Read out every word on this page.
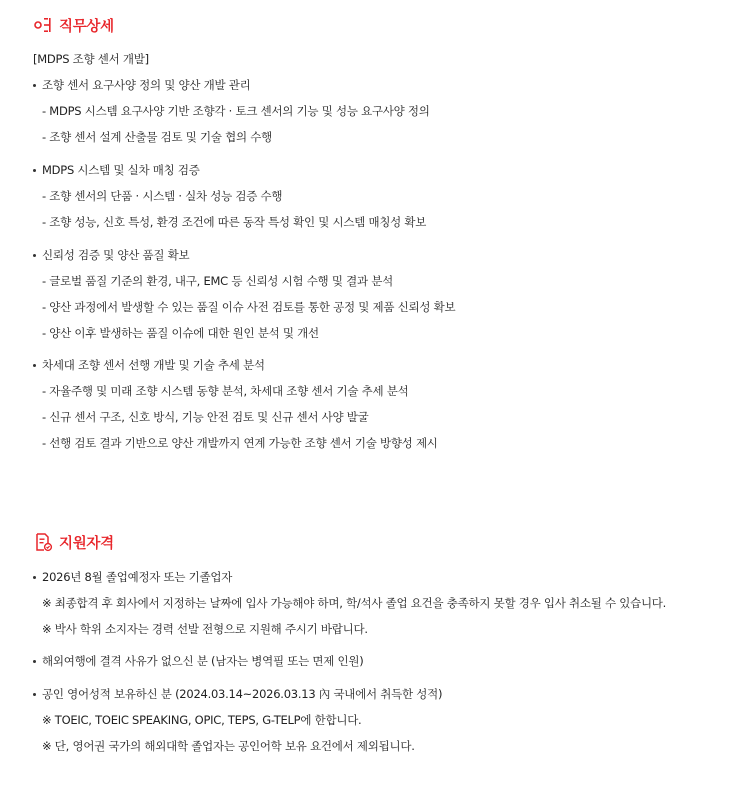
직무상세
[MDPS 조향 센서 개발]
조향 센서 요구사양 정의 및 양산 개발 관리
- MDPS 시스템 요구사양 기반 조향각 · 토크 센서의 기능 및 성능 요구사양 정의
- 조향 센서 설계 산출물 검토 및 기술 협의 수행
MDPS 시스템 및 실차 매칭 검증
- 조향 센서의 단품 · 시스템 · 실차 성능 검증 수행
- 조향 성능, 신호 특성, 환경 조건에 따른 동작 특성 확인 및 시스템 매칭성 확보
신뢰성 검증 및 양산 품질 확보
- 글로벌 품질 기준의 환경, 내구, EMC 등 신뢰성 시험 수행 및 결과 분석
- 양산 과정에서 발생할 수 있는 품질 이슈 사전 검토를 통한 공정 및 제품 신뢰성 확보
- 양산 이후 발생하는 품질 이슈에 대한 원인 분석 및 개선
차세대 조향 센서 선행 개발 및 기술 추세 분석
- 자율주행 및 미래 조향 시스템 동향 분석, 차세대 조향 센서 기술 추세 분석
- 신규 센서 구조, 신호 방식, 기능 안전 검토 및 신규 센서 사양 발굴
- 선행 검토 결과 기반으로 양산 개발까지 연계 가능한 조향 센서 기술 방향성 제시
지원자격
2026년 8월 졸업예정자 또는 기졸업자
※ 최종합격 후 회사에서 지정하는 날짜에 입사 가능해야 하며, 학/석사 졸업 요건을 충족하지 못할 경우 입사 취소될 수 있습니다.
※ 박사 학위 소지자는 경력 선발 전형으로 지원해 주시기 바랍니다.
해외여행에 결격 사유가 없으신 분 (남자는 병역필 또는 면제 인원)
공인 영어성적 보유하신 분 (2024.03.14~2026.03.13 內 국내에서 취득한 성적)
※ TOEIC, TOEIC SPEAKING, OPIC, TEPS, G-TELP에 한합니다.
※ 단, 영어권 국가의 해외대학 졸업자는 공인어학 보유 요건에서 제외됩니다.
